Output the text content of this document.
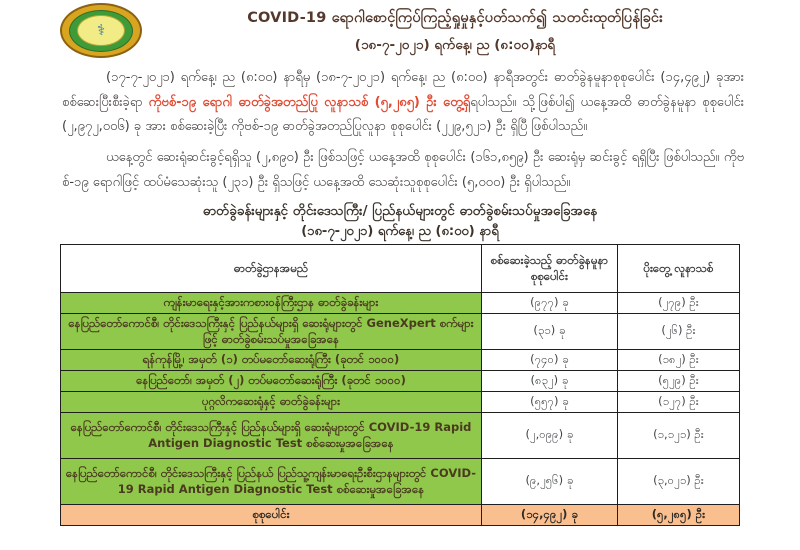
⚕
COVID-19 ရောဂါစောင့်ကြပ်ကြည့်ရှုမှုနှင့်ပတ်သက်၍ သတင်းထုတ်ပြန်ခြင်း
(၁၈-၇-၂၀၂၁) ရက်နေ့၊ ည (၈:၀၀)နာရီ

(၁၇-၇-၂၀၂၁) ရက်နေ့၊ ည (၈:၀၀) နာရီမှ (၁၈-၇-၂၀၂၁) ရက်နေ့၊ ည (၈:၀၀) နာရီအတွင်း ဓာတ်ခွဲနမူနာစုစုပေါင်း (၁၄,၄၉၂) ခုအား စစ်ဆေးပြီးစီးခဲ့ရာ ကိုဗစ်-၁၉ ရောဂါ ဓာတ်ခွဲအတည်ပြု လူနာသစ် (၅,၂၈၅) ဦး တွေ့ရှိရပါသည်။ သို့ဖြစ်ပါ၍ ယနေ့အထိ ဓာတ်ခွဲနမူနာ စုစုပေါင်း (၂,၉၇၂,၀၀၆) ခု အား စစ်ဆေးခဲ့ပြီး ကိုဗစ်-၁၉ ဓာတ်ခွဲအတည်ပြုလူနာ စုစုပေါင်း (၂၂၉,၅၂၁) ဦး ရှိပြီ ဖြစ်ပါသည်။

ယနေ့တွင် ဆေးရုံဆင်းခွင့်ရရှိသူ (၂,၈၉၀) ဦး ဖြစ်သဖြင့် ယနေ့အထိ စုစုပေါင်း (၁၆၁,၈၅၉) ဦး ဆေးရုံမှ ဆင်းခွင့် ရရှိပြီး ဖြစ်ပါသည်။ ကိုဗစ်-၁၉ ရောဂါဖြင့် ထပ်မံသေဆုံးသူ (၂၃၁) ဦး ရှိသဖြင့် ယနေ့အထိ သေဆုံးသူစုစုပေါင်း (၅,၀၀၀) ဦး ရှိပါသည်။

ဓာတ်ခွဲခန်းများနှင့် တိုင်းဒေသကြီး/ ပြည်နယ်များတွင် ဓာတ်ခွဲစမ်းသပ်မှုအခြေအနေ
(၁၈-၇-၂၀၂၁) ရက်နေ့၊ ည (၈:၀၀) နာရီ
ဓာတ်ခွဲဌာနအမည်	စစ်ဆေးခဲ့သည့် ဓာတ်ခွဲနမူနာ စုစုပေါင်း	ပိုးတွေ့ လူနာသစ်
ကျန်းမာရေးနှင့်အားကစားဝန်ကြီးဌာန ဓာတ်ခွဲခန်းများ	(၉၇၇) ခု	(၂၇၉) ဦး
နေပြည်တော်ကောင်စီ၊ တိုင်းဒေသကြီးနှင့် ပြည်နယ်များရှိ ဆေးရုံများတွင် GeneXpert စက်များဖြင့် ဓာတ်ခွဲစမ်းသပ်မှုအခြေအနေ	(၃၁) ခု	(၂၆) ဦး
ရန်ကုန်မြို့၊ အမှတ် (၁) တပ်မတော်ဆေးရုံကြီး (ခုတင် ၁၀၀၀)	(၇၄၀) ခု	(၁၈၂) ဦး
နေပြည်တော်၊ အမှတ် (၂) တပ်မတော်ဆေးရုံကြီး (ခုတင် ၁၀၀၀)	(၈၃၂) ခု	(၅၂၉) ဦး
ပုဂ္ဂလိကဆေးရုံနှင့် ဓာတ်ခွဲခန်းများ	(၅၅၇) ခု	(၁၂၇) ဦး
နေပြည်တော်ကောင်စီ၊ တိုင်းဒေသကြီးနှင့် ပြည်နယ်များရှိ ဆေးရုံများတွင် COVID-19 Rapid Antigen Diagnostic Test စစ်ဆေးမှုအခြေအနေ	(၂,၀၉၉) ခု	(၁,၁၂၁) ဦး
နေပြည်တော်ကောင်စီ၊ တိုင်းဒေသကြီးနှင့် ပြည်နယ် ပြည်သူ့ကျန်းမာရေးဦးစီးဌာနများတွင် COVID-19 Rapid Antigen Diagnostic Test စစ်ဆေးမှုအခြေအနေ	(၉,၂၅၆) ခု	(၃,၀၂၁) ဦး
စုစုပေါင်း	(၁၄,၄၉၂) ခု	(၅,၂၈၅) ဦး
